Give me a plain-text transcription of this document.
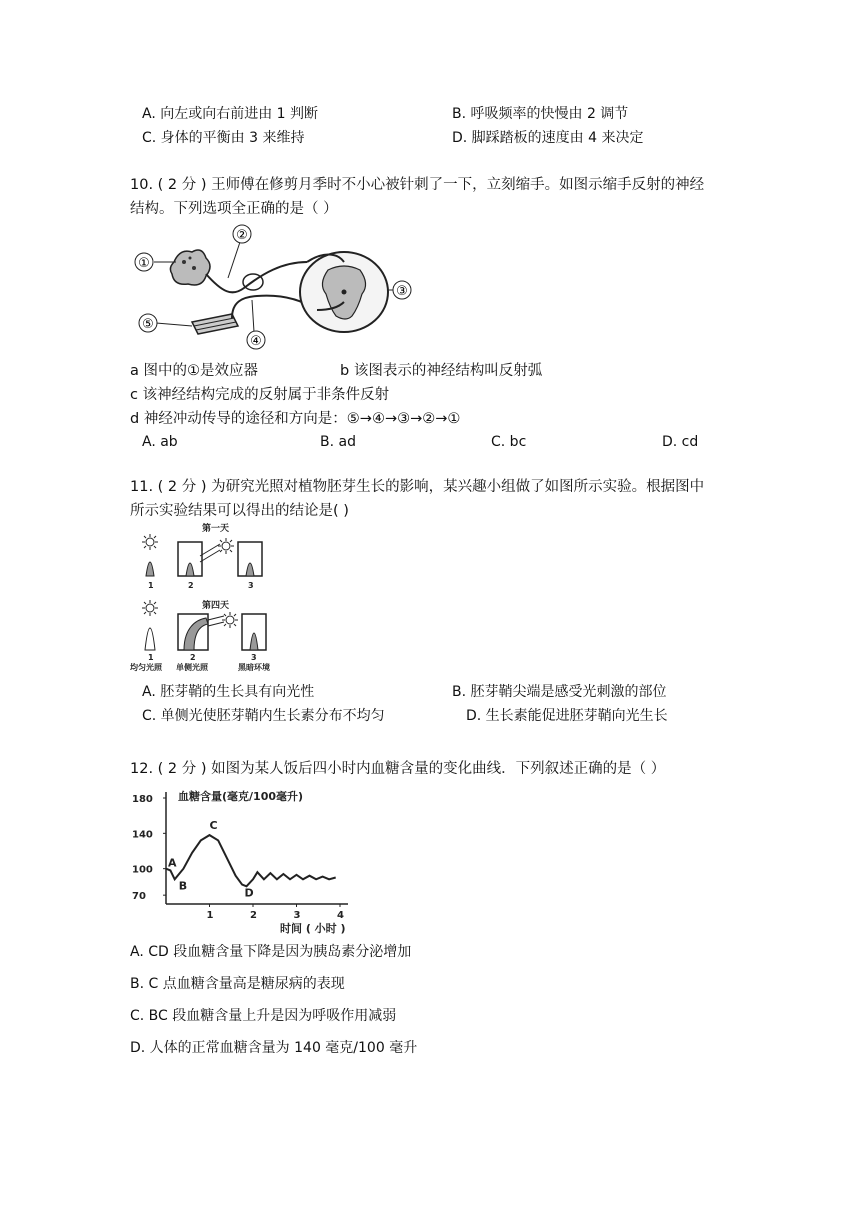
A. 向左或向右前进由 1 判断	B. 呼吸频率的快慢由 2 调节
C. 身体的平衡由 3 来维持	D. 脚踩踏板的速度由 4 来决定
10. ( 2 分 ) 王师傅在修剪月季时不小心被针刺了一下，立刻缩手。如图示缩手反射的神经
结构。下列选项全正确的是（ ）
①
②
③
④
⑤
a 图中的①是效应器	b 该图表示的神经结构叫反射弧
c 该神经结构完成的反射属于非条件反射
d 神经冲动传导的途径和方向是：⑤→④→③→②→①
A. ab	B. ad	C. bc	D. cd
11. ( 2 分 ) 为研究光照对植物胚芽生长的影响，某兴趣小组做了如图所示实验。根据图中
所示实验结果可以得出的结论是( )
第一天
第四天
1	2	3
1	2	3
均匀光照 单侧光照	黑暗环境
A. 胚芽鞘的生长具有向光性	B. 胚芽鞘尖端是感受光刺激的部位
C. 单侧光使胚芽鞘内生长素分布不均匀	D. 生长素能促进胚芽鞘向光生长
12. ( 2 分 ) 如图为某人饭后四小时内血糖含量的变化曲线．下列叙述正确的是（ ）
血糖含量(毫克/100毫升)
时间 ( 小时 )
180
140
100
70
1	2	3	4
A
B
C
D
A. CD 段血糖含量下降是因为胰岛素分泌增加
B. C 点血糖含量高是糖尿病的表现
C. BC 段血糖含量上升是因为呼吸作用减弱
D. 人体的正常血糖含量为 140 毫克/100 毫升
